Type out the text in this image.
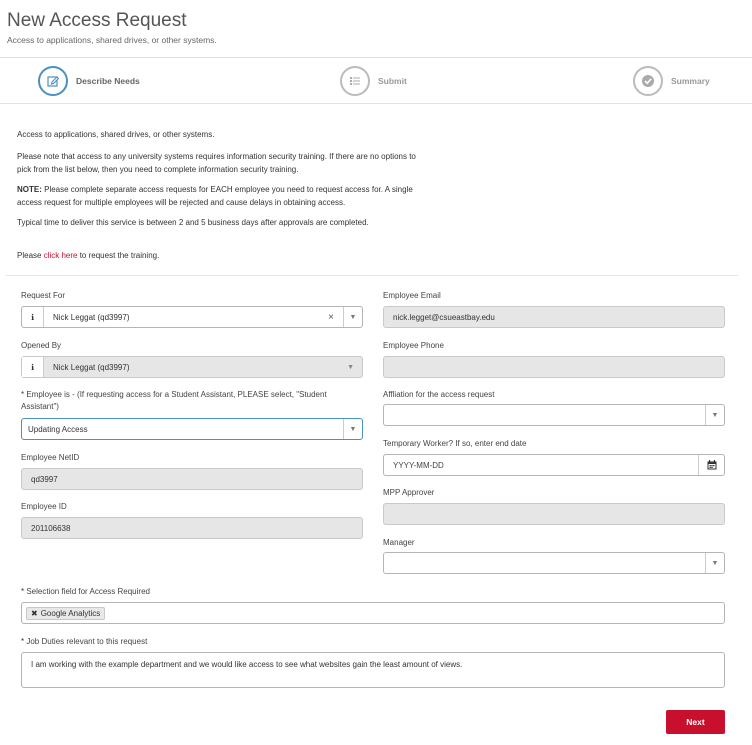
New Access Request
Access to applications, shared drives, or other systems.
Describe Needs	Submit	Summary

Access to applications, shared drives, or other systems.

Please note that access to any university systems requires information security training. If there are no options to pick from the list below, then you need to complete information security training.

NOTE: Please complete separate access requests for EACH employee you need to request access for. A single access request for multiple employees will be rejected and cause delays in obtaining access.

Typical time to deliver this service is between 2 and 5 business days after approvals are completed.

Please click here to request the training.

Request For
ℹ	Nick Leggat (qd3997)	×	▼
Opened By
ℹ	Nick Leggat (qd3997)	▼
* Employee is - (If requesting access for a Student Assistant, PLEASE select, "Student Assistant")
Updating Access	▼
Employee NetID
qd3997
Employee ID
201106638
Employee Email
nick.legget@csueastbay.edu
Employee Phone
Affliation for the access request
▼
Temporary Worker? If so, enter end date
YYYY-MM-DD
MPP Approver
Manager
▼
* Selection field for Access Required
✖ Google Analytics
* Job Duties relevant to this request
I am working with the example department and we would like access to see what websites gain the least amount of views.
Next
